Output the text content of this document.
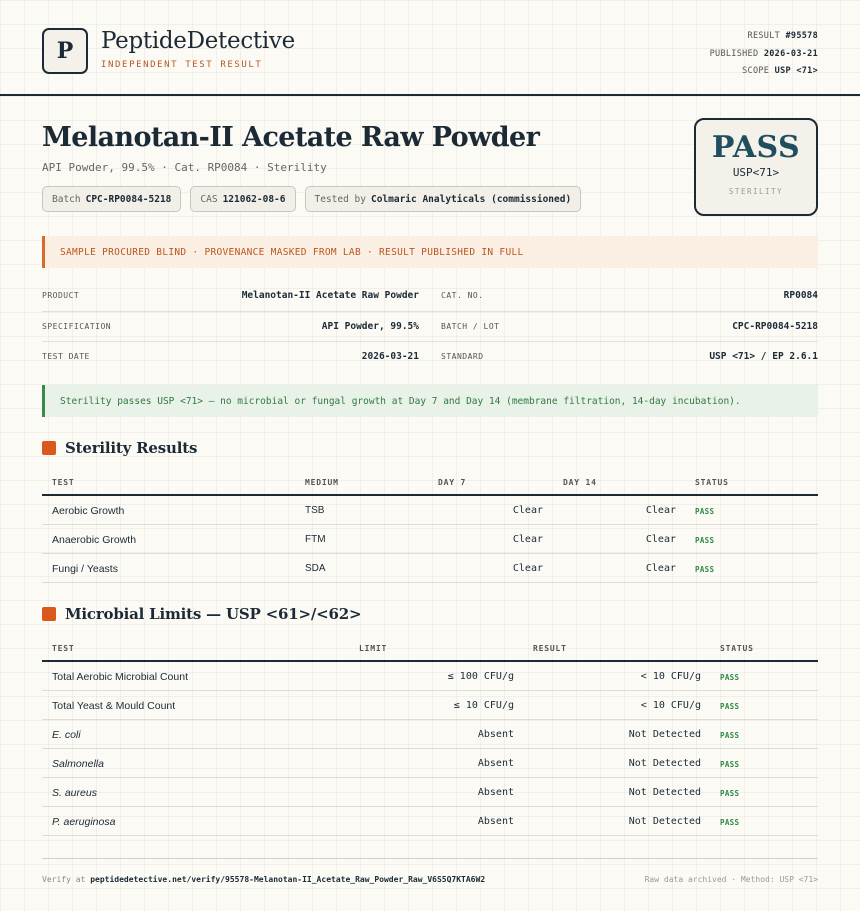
P PeptideDetective
INDEPENDENT TEST RESULT
RESULT #95578
PUBLISHED 2026-03-21
SCOPE USP <71>
Melanotan-II Acetate Raw Powder
API Powder, 99.5% · Cat. RP0084 · Sterility
Batch CPC-RP0084-5218	CAS 121062-08-6	Tested by Colmaric Analyticals (commissioned)
PASS
USP<71>
STERILITY
SAMPLE PROCURED BLIND · PROVENANCE MASKED FROM LAB · RESULT PUBLISHED IN FULL
PRODUCT	Melanotan-II Acetate Raw Powder	CAT. NO.	RP0084
SPECIFICATION	API Powder, 99.5%	BATCH / LOT	CPC-RP0084-5218
TEST DATE	2026-03-21	STANDARD	USP <71> / EP 2.6.1
Sterility passes USP <71> — no microbial or fungal growth at Day 7 and Day 14 (membrane filtration, 14-day incubation).
Sterility Results
TEST	MEDIUM	DAY 7	DAY 14	STATUS
Aerobic Growth	TSB	Clear	Clear	PASS
Anaerobic Growth	FTM	Clear	Clear	PASS
Fungi / Yeasts	SDA	Clear	Clear	PASS
Microbial Limits — USP <61>/<62>
TEST	LIMIT	RESULT	STATUS
Total Aerobic Microbial Count	≤ 100 CFU/g	< 10 CFU/g	PASS
Total Yeast & Mould Count	≤ 10 CFU/g	< 10 CFU/g	PASS
E. coli	Absent	Not Detected	PASS
Salmonella	Absent	Not Detected	PASS
S. aureus	Absent	Not Detected	PASS
P. aeruginosa	Absent	Not Detected	PASS
Verify at peptidedetective.net/verify/95578-Melanotan-II_Acetate_Raw_Powder_Raw_V6S5Q7KTA6W2	Raw data archived · Method: USP <71>
